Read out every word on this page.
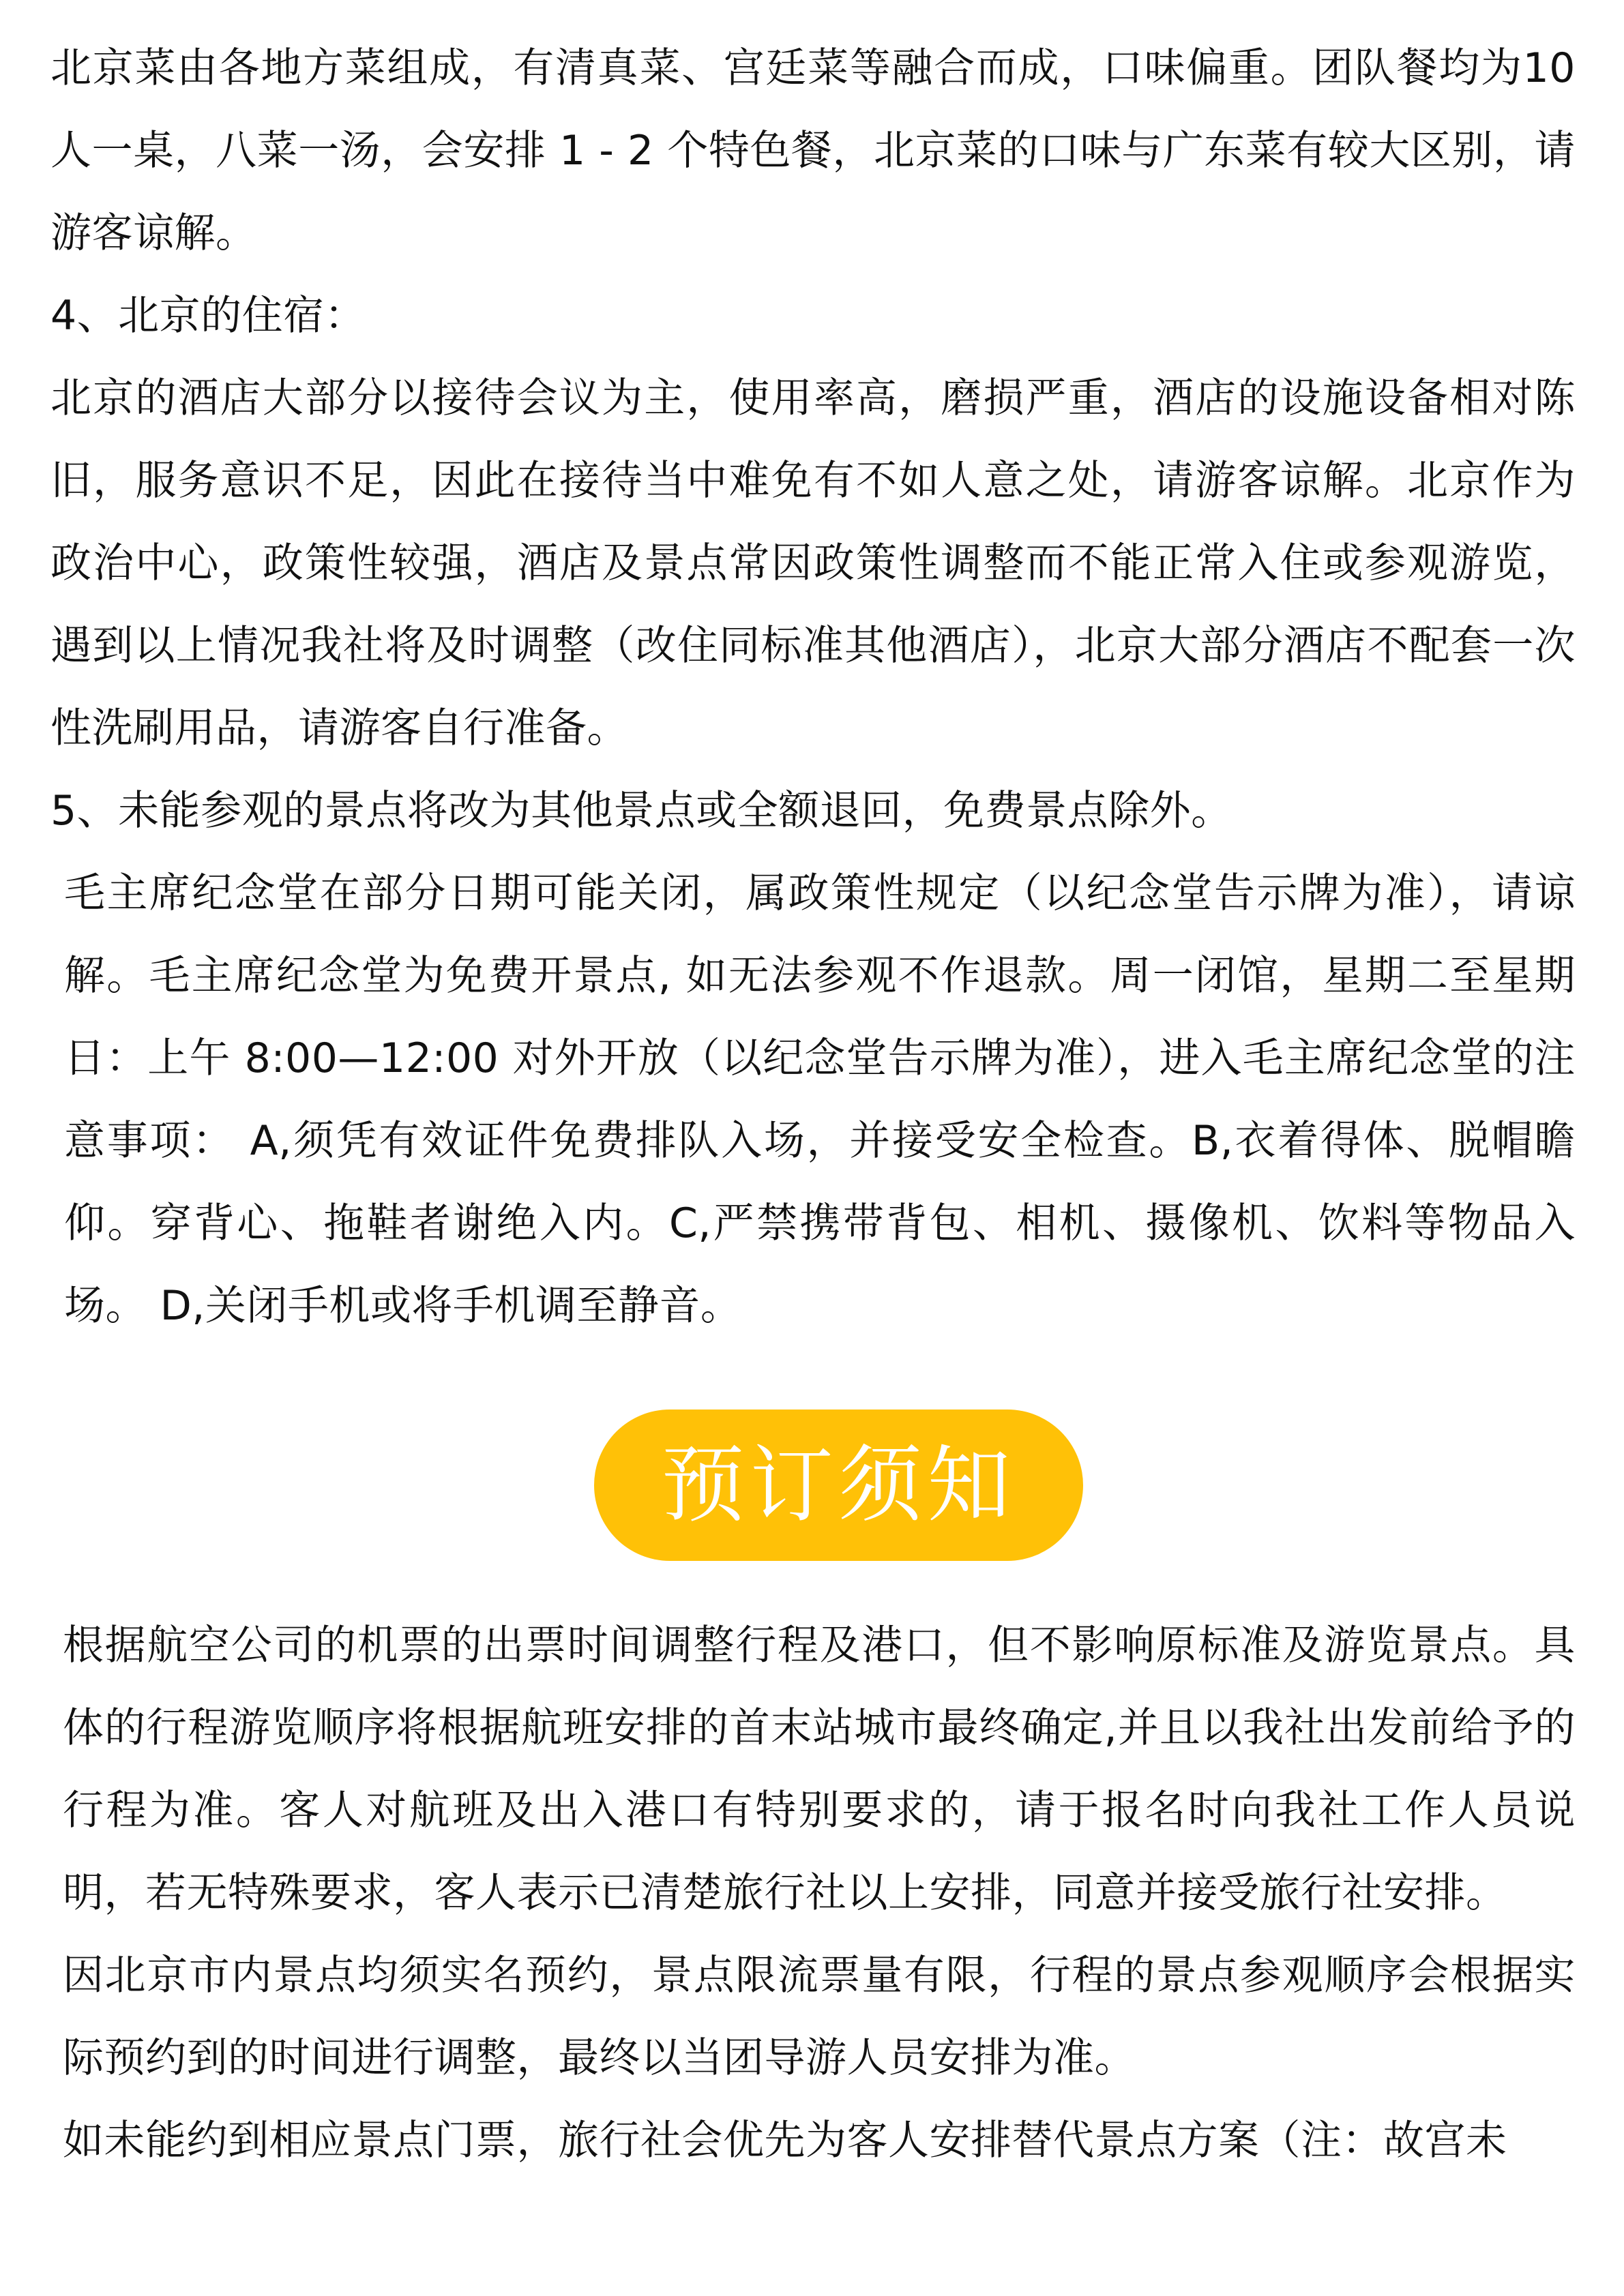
北京菜由各地方菜组成，有清真菜、宫廷菜等融合而成，口味偏重。团队餐均为10 人一桌，八菜一汤，会安排 1 - 2 个特色餐，北京菜的口味与广东菜有较大区别，请游客谅解。

4、北京的住宿：

北京的酒店大部分以接待会议为主，使用率高，磨损严重，酒店的设施设备相对陈旧，服务意识不足，因此在接待当中难免有不如人意之处，请游客谅解。北京作为政治中心，政策性较强，酒店及景点常因政策性调整而不能正常入住或参观游览，遇到以上情况我社将及时调整（改住同标准其他酒店），北京大部分酒店不配套一次性洗刷用品，请游客自行准备。

5、未能参观的景点将改为其他景点或全额退回，免费景点除外。

毛主席纪念堂在部分日期可能关闭，属政策性规定（以纪念堂告示牌为准），请谅解。毛主席纪念堂为免费开景点, 如无法参观不作退款。周一闭馆，星期二至星期日：上午 8:00—12:00 对外开放（以纪念堂告示牌为准），进入毛主席纪念堂的注意事项： A,须凭有效证件免费排队入场，并接受安全检查。B,衣着得体、脱帽瞻仰。穿背心、拖鞋者谢绝入内。C,严禁携带背包、相机、摄像机、饮料等物品入场。 D,关闭手机或将手机调至静音。

预订须知

根据航空公司的机票的出票时间调整行程及港口，但不影响原标准及游览景点。具体的行程游览顺序将根据航班安排的首末站城市最终确定,并且以我社出发前给予的行程为准。客人对航班及出入港口有特别要求的，请于报名时向我社工作人员说明，若无特殊要求，客人表示已清楚旅行社以上安排，同意并接受旅行社安排。

因北京市内景点均须实名预约，景点限流票量有限，行程的景点参观顺序会根据实际预约到的时间进行调整，最终以当团导游人员安排为准。

如未能约到相应景点门票，旅行社会优先为客人安排替代景点方案（注：故宫未
